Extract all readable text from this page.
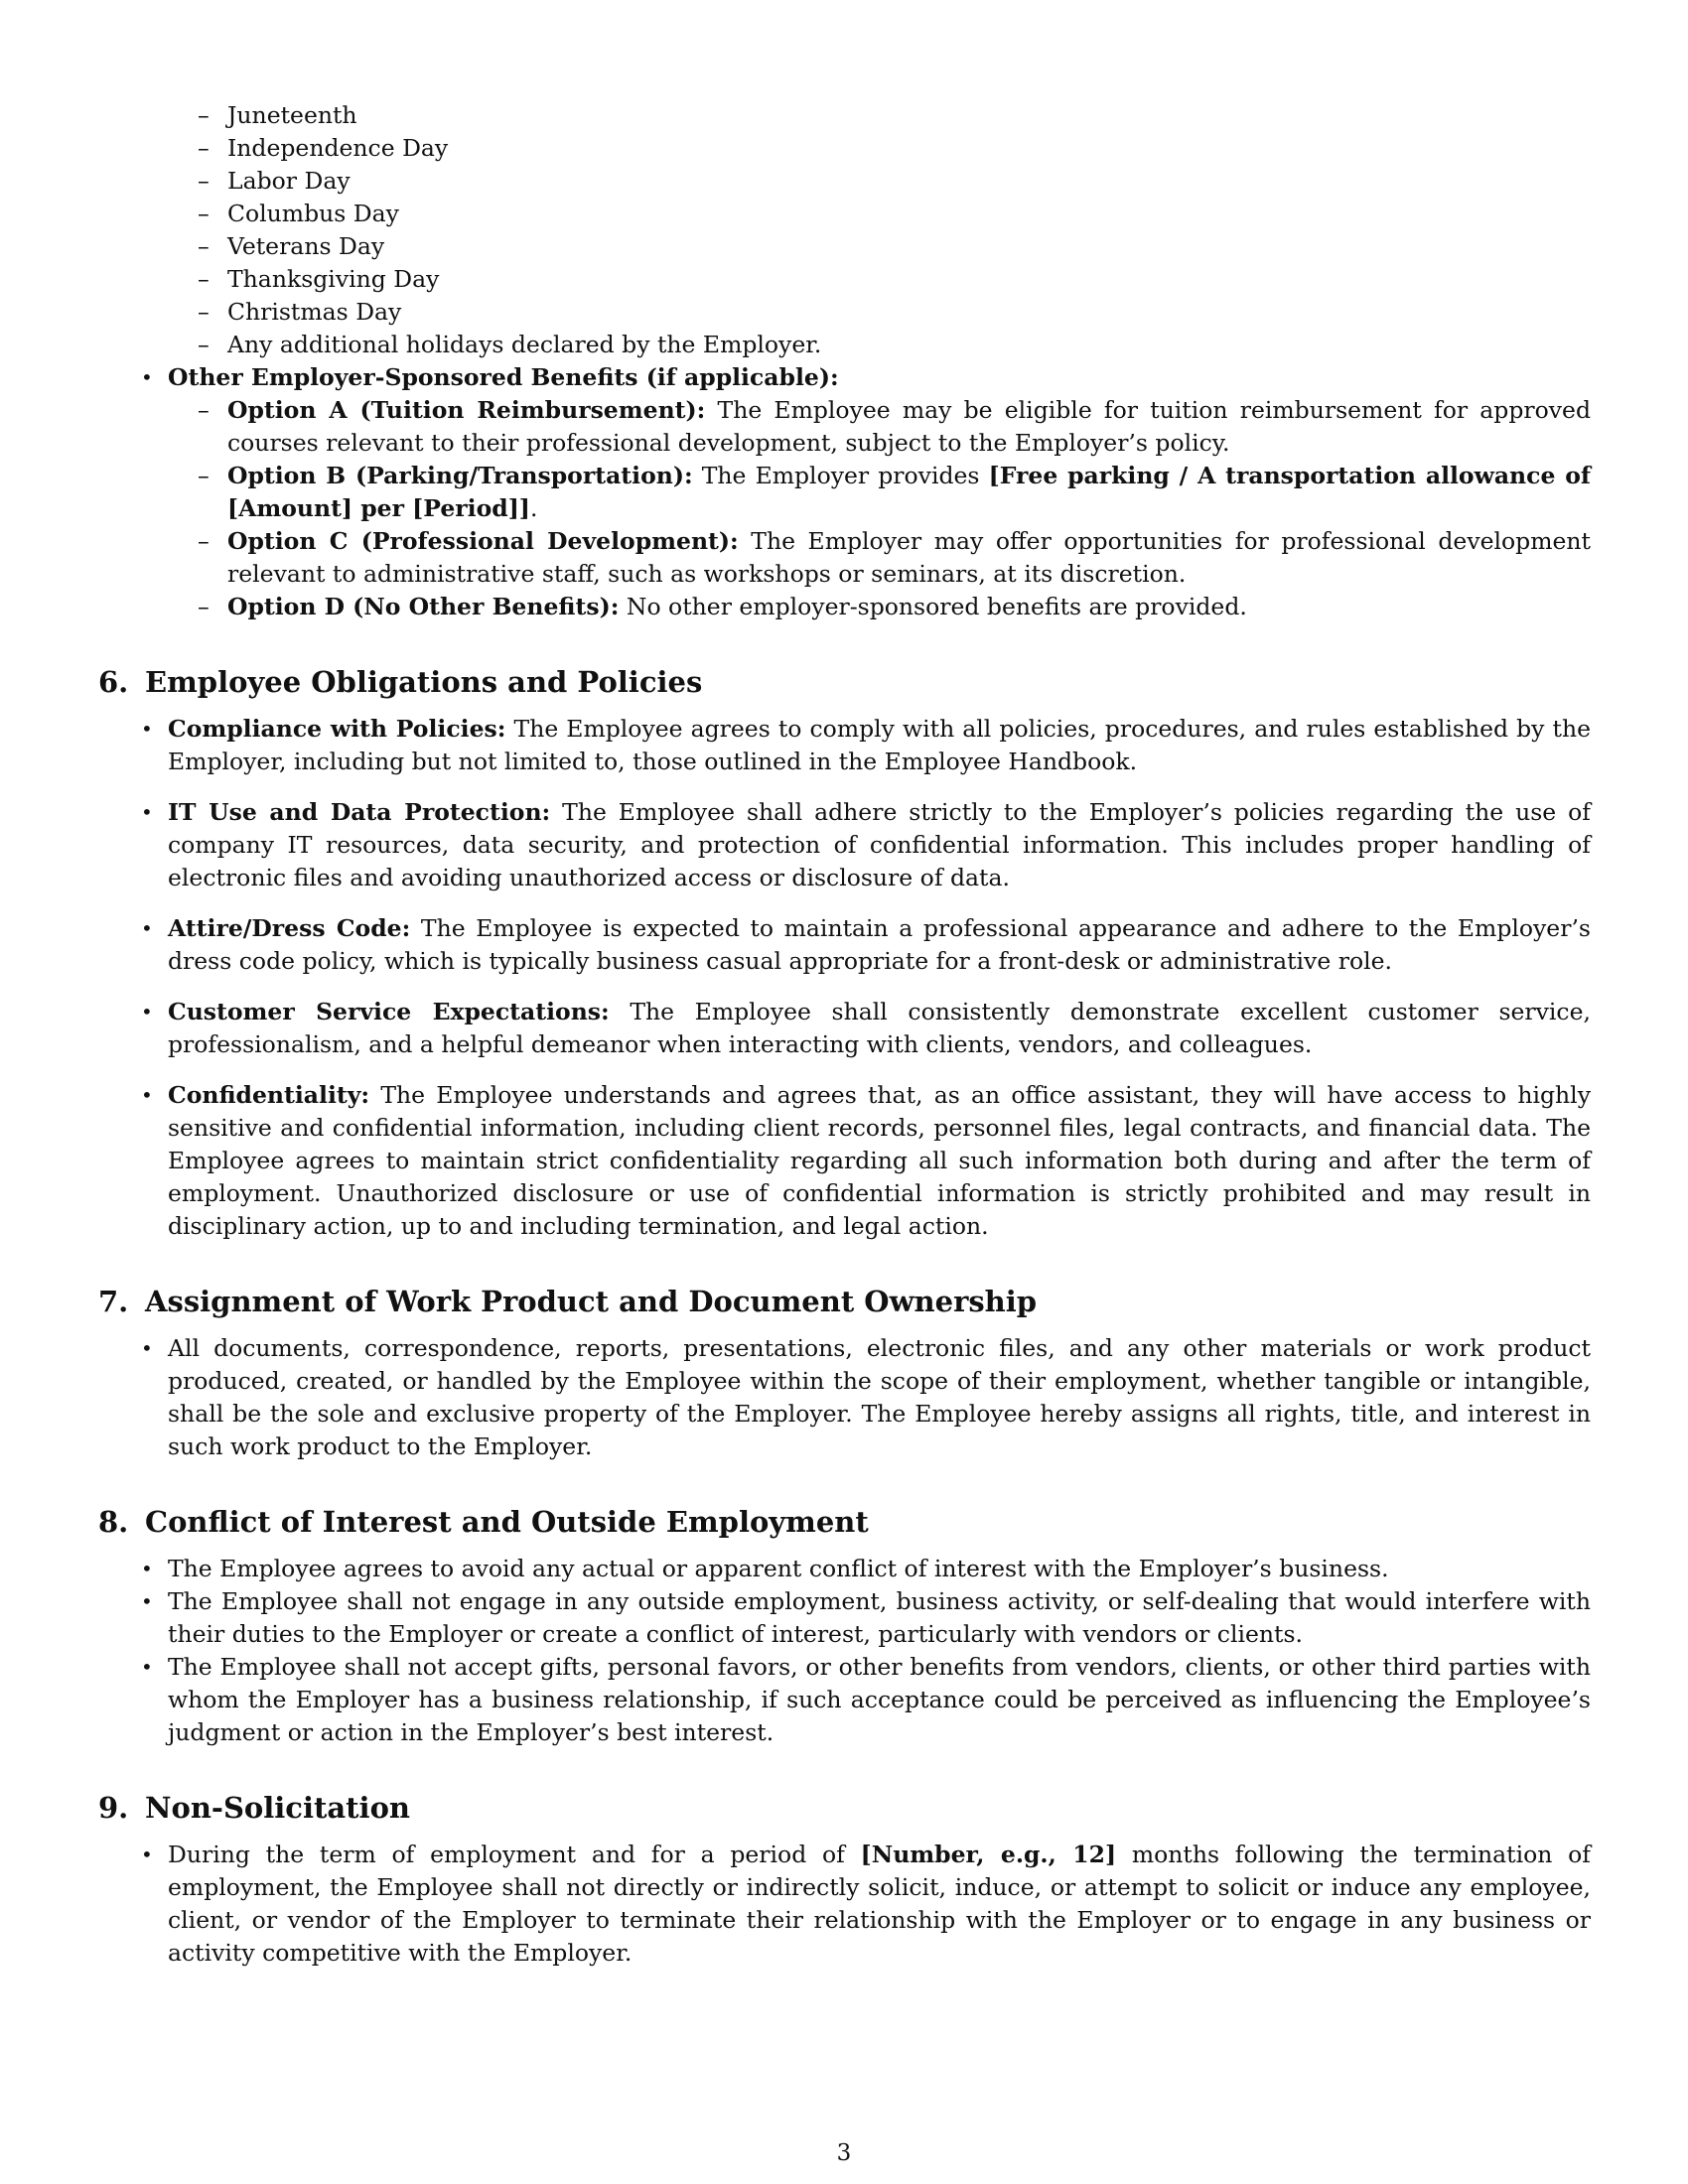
– Juneteenth
– Independence Day
– Labor Day
– Columbus Day
– Veterans Day
– Thanksgiving Day
– Christmas Day
– Any additional holidays declared by the Employer.
• Other Employer-Sponsored Benefits (if applicable):
– Option A (Tuition Reimbursement): The Employee may be eligible for tuition reimbursement for approved courses relevant to their professional development, subject to the Employer’s policy.
– Option B (Parking/Transportation): The Employer provides [Free parking / A transportation allowance of [Amount] per [Period]].
– Option C (Professional Development): The Employer may offer opportunities for professional development relevant to administrative staff, such as workshops or seminars, at its discretion.
– Option D (No Other Benefits): No other employer-sponsored benefits are provided.
6. Employee Obligations and Policies
• Compliance with Policies: The Employee agrees to comply with all policies, procedures, and rules established by the Employer, including but not limited to, those outlined in the Employee Handbook.
• IT Use and Data Protection: The Employee shall adhere strictly to the Employer’s policies regarding the use of company IT resources, data security, and protection of confidential information. This includes proper handling of electronic files and avoiding unauthorized access or disclosure of data.
• Attire/Dress Code: The Employee is expected to maintain a professional appearance and adhere to the Employer’s dress code policy, which is typically business casual appropriate for a front-desk or administrative role.
• Customer Service Expectations: The Employee shall consistently demonstrate excellent customer service, professionalism, and a helpful demeanor when interacting with clients, vendors, and colleagues.
• Confidentiality: The Employee understands and agrees that, as an office assistant, they will have access to highly sensitive and confidential information, including client records, personnel files, legal contracts, and financial data. The Employee agrees to maintain strict confidentiality regarding all such information both during and after the term of employment. Unauthorized disclosure or use of confidential information is strictly prohibited and may result in disciplinary action, up to and including termination, and legal action.
7. Assignment of Work Product and Document Ownership
• All documents, correspondence, reports, presentations, electronic files, and any other materials or work product produced, created, or handled by the Employee within the scope of their employment, whether tangible or intangible, shall be the sole and exclusive property of the Employer. The Employee hereby assigns all rights, title, and interest in such work product to the Employer.
8. Conflict of Interest and Outside Employment
• The Employee agrees to avoid any actual or apparent conflict of interest with the Employer’s business.
• The Employee shall not engage in any outside employment, business activity, or self-dealing that would interfere with their duties to the Employer or create a conflict of interest, particularly with vendors or clients.
• The Employee shall not accept gifts, personal favors, or other benefits from vendors, clients, or other third parties with whom the Employer has a business relationship, if such acceptance could be perceived as influencing the Employee’s judgment or action in the Employer’s best interest.
9. Non-Solicitation
• During the term of employment and for a period of [Number, e.g., 12] months following the termination of employment, the Employee shall not directly or indirectly solicit, induce, or attempt to solicit or induce any employee, client, or vendor of the Employer to terminate their relationship with the Employer or to engage in any business or activity competitive with the Employer.
3
